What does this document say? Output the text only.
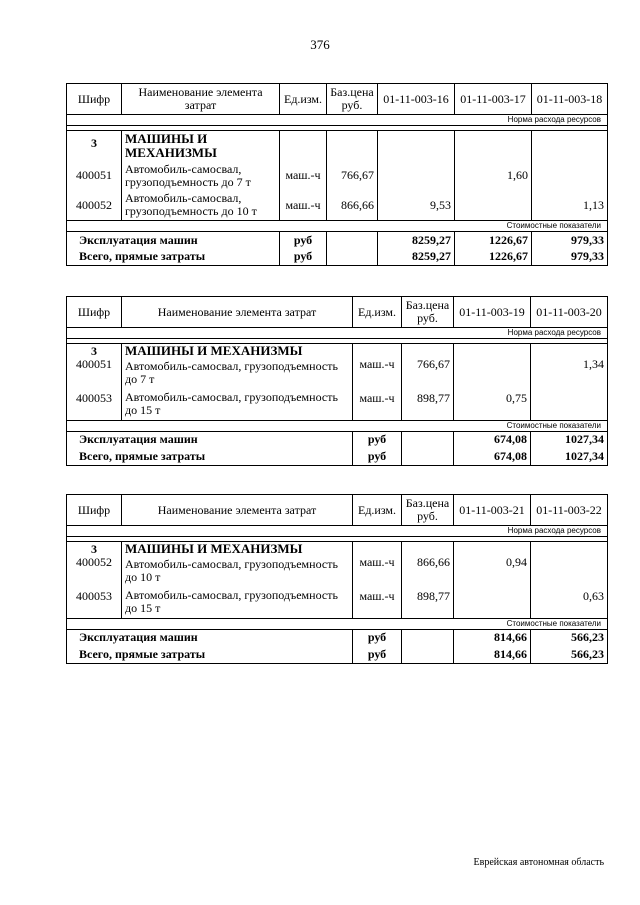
376
Шифр	Наименование элемента затрат	Ед.изм.	Баз.цена руб.	01-11-003-16	01-11-003-17	01-11-003-18
Норма расхода ресурсов						

3	МАШИНЫ И МЕХАНИЗМЫ					
400051	Автомобиль-самосвал, грузоподъемность до 7 т	маш.-ч	766,67		1,60	
400052	Автомобиль-самосвал, грузоподъемность до 10 т	маш.-ч	866,66	9,53		1,13
Стоимостные показатели						
Эксплуатация машин		руб		8259,27	1226,67	979,33
Всего, прямые затраты		руб		8259,27	1226,67	979,33
Шифр	Наименование элемента затрат	Ед.изм.	Баз.цена руб.	01-11-003-19	01-11-003-20
Норма расхода ресурсов					

3	МАШИНЫ И МЕХАНИЗМЫ				
400051	Автомобиль-самосвал, грузоподъемность до 7 т	маш.-ч	766,67		1,34
400053	Автомобиль-самосвал, грузоподъемность до 15 т	маш.-ч	898,77	0,75	
Стоимостные показатели					
Эксплуатация машин		руб		674,08	1027,34
Всего, прямые затраты		руб		674,08	1027,34
Шифр	Наименование элемента затрат	Ед.изм.	Баз.цена руб.	01-11-003-21	01-11-003-22
Норма расхода ресурсов					

3	МАШИНЫ И МЕХАНИЗМЫ				
400052	Автомобиль-самосвал, грузоподъемность до 10 т	маш.-ч	866,66	0,94	
400053	Автомобиль-самосвал, грузоподъемность до 15 т	маш.-ч	898,77		0,63
Стоимостные показатели					
Эксплуатация машин		руб		814,66	566,23
Всего, прямые затраты		руб		814,66	566,23
Еврейская автономная область
